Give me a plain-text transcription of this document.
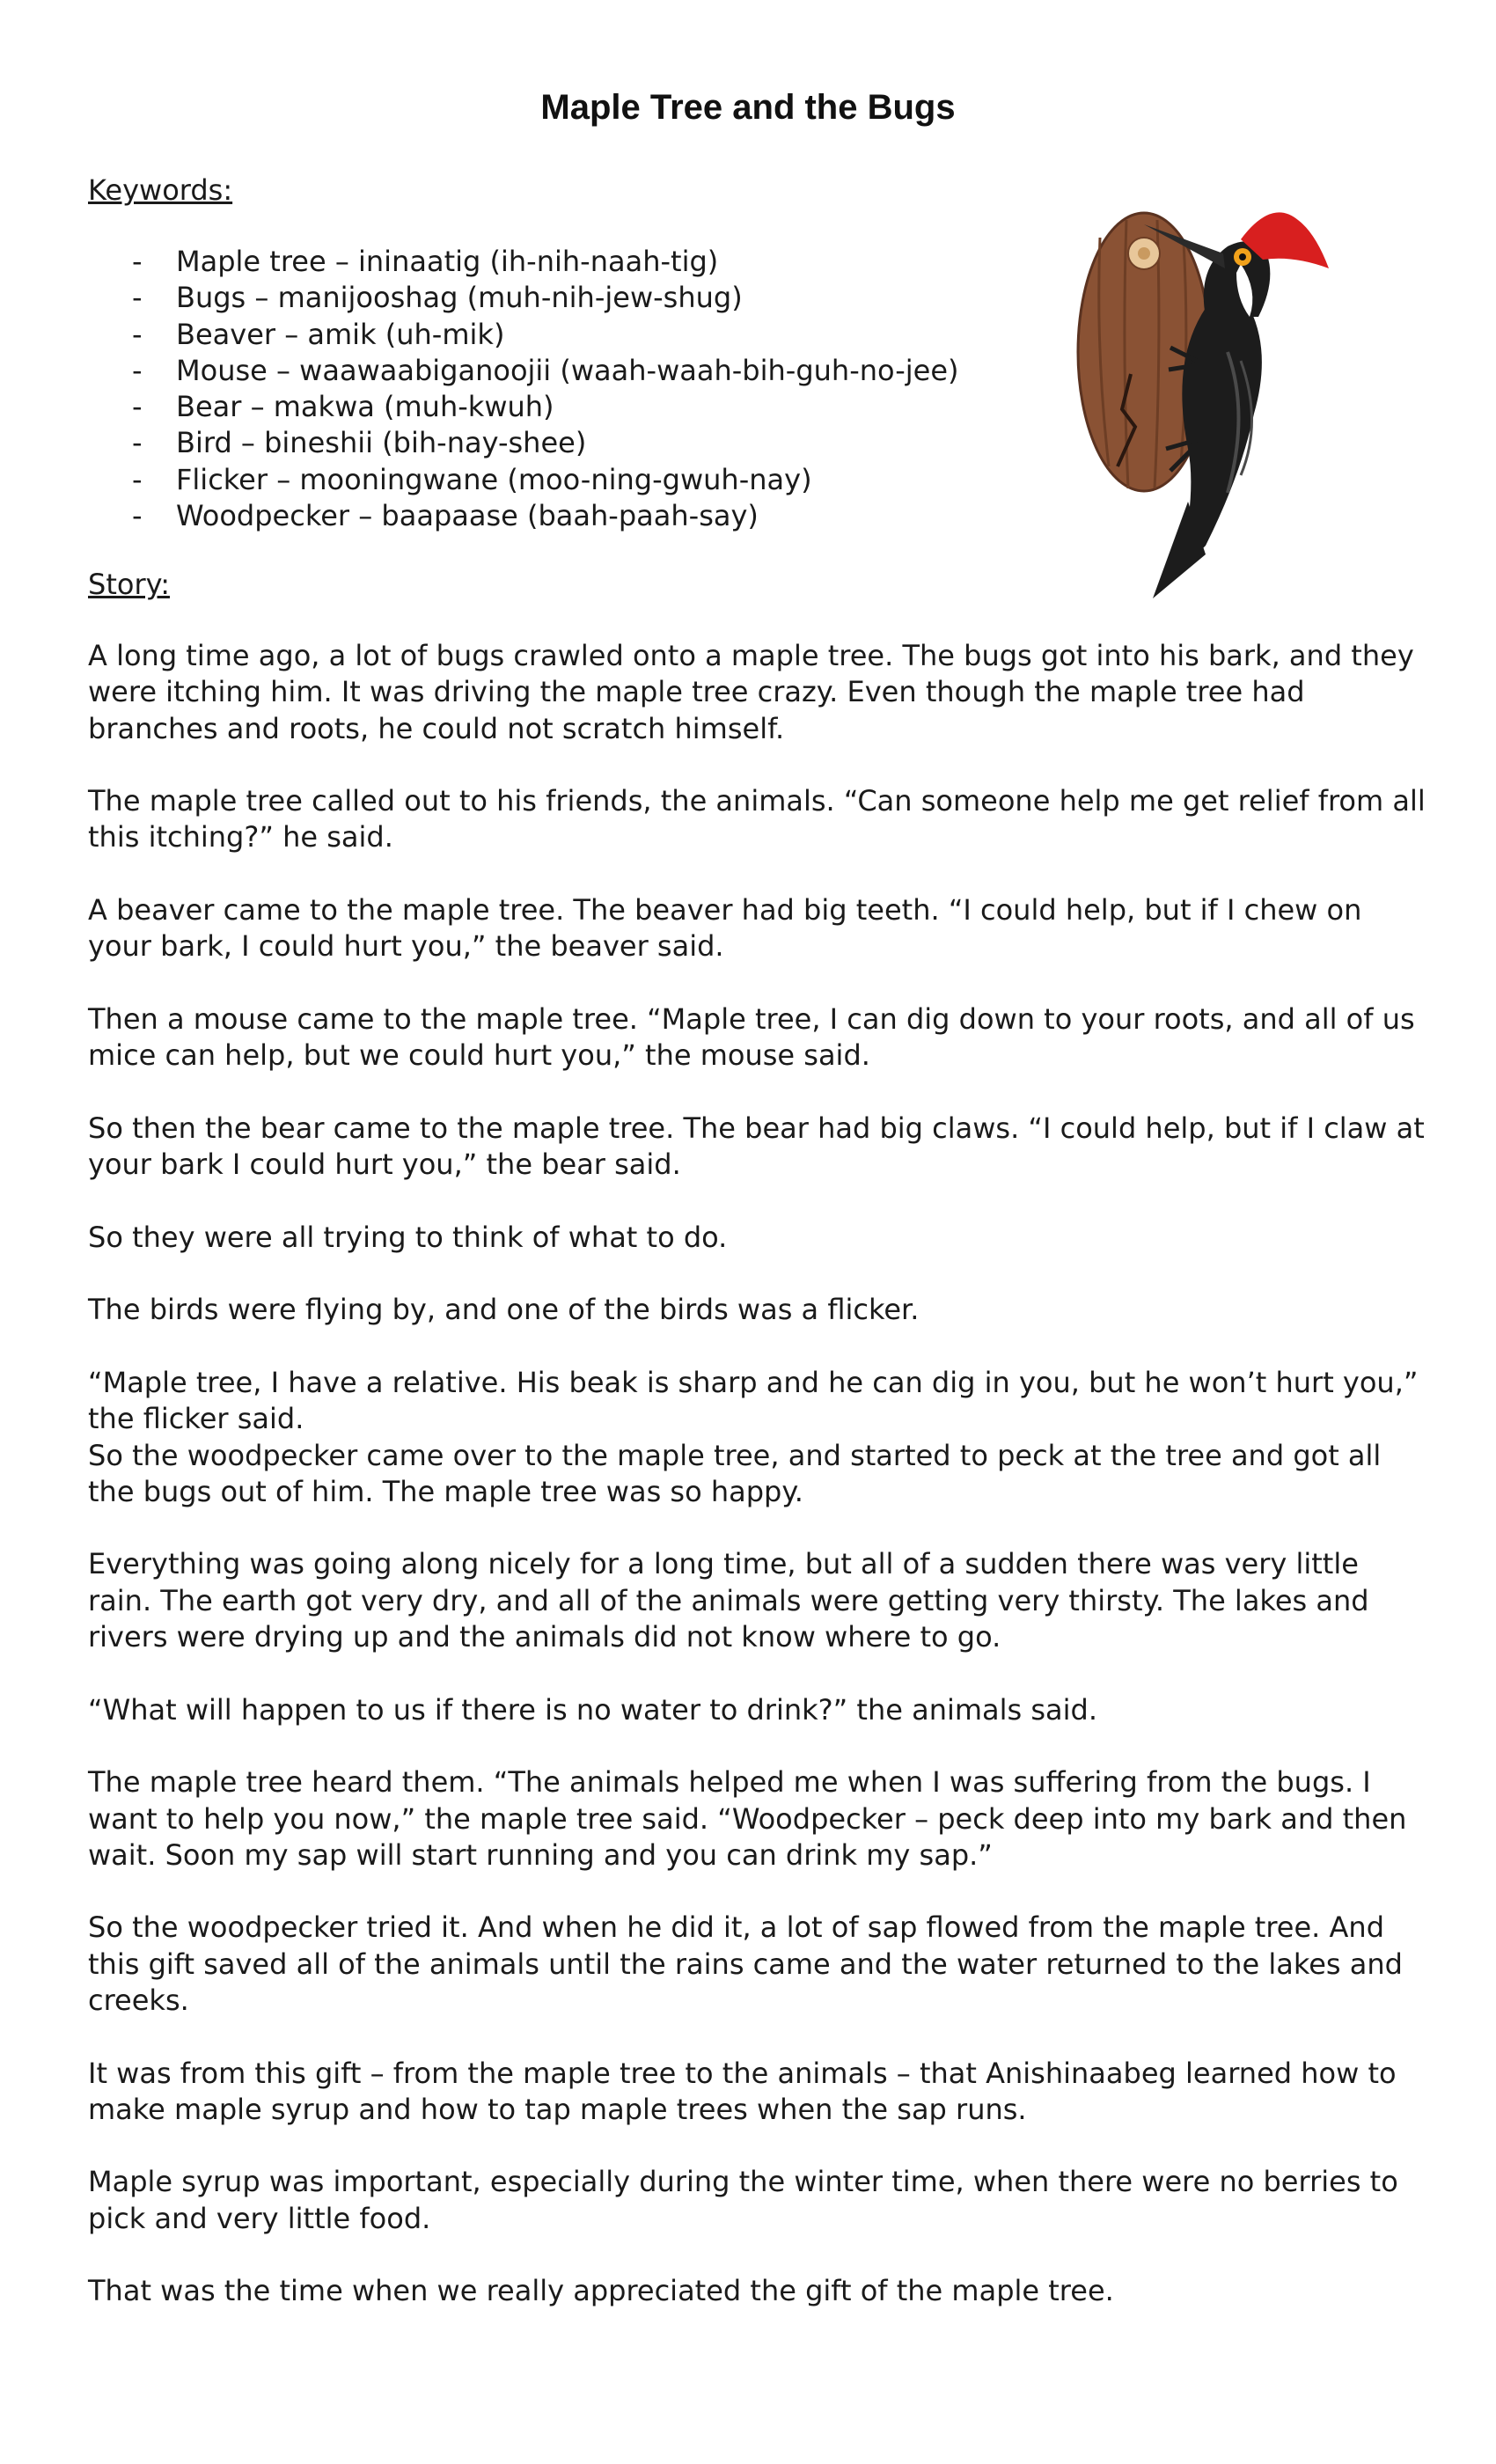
Maple Tree and the Bugs
Keywords:
- Maple tree – ininaatig (ih-nih-naah-tig)
- Bugs – manijooshag (muh-nih-jew-shug)
- Beaver – amik (uh-mik)
- Mouse – waawaabiganoojii (waah-waah-bih-guh-no-jee)
- Bear – makwa (muh-kwuh)
- Bird – bineshii (bih-nay-shee)
- Flicker – mooningwane (moo-ning-gwuh-nay)
- Woodpecker – baapaase (baah-paah-say)
Story:

A long time ago, a lot of bugs crawled onto a maple tree. The bugs got into his bark, and they were itching him. It was driving the maple tree crazy. Even though the maple tree had branches and roots, he could not scratch himself.

The maple tree called out to his friends, the animals. “Can someone help me get relief from all this itching?” he said.

A beaver came to the maple tree. The beaver had big teeth. “I could help, but if I chew on your bark, I could hurt you,” the beaver said.

Then a mouse came to the maple tree. “Maple tree, I can dig down to your roots, and all of us mice can help, but we could hurt you,” the mouse said.

So then the bear came to the maple tree. The bear had big claws. “I could help, but if I claw at your bark I could hurt you,” the bear said.

So they were all trying to think of what to do.

The birds were flying by, and one of the birds was a flicker.

“Maple tree, I have a relative. His beak is sharp and he can dig in you, but he won’t hurt you,” the flicker said.

So the woodpecker came over to the maple tree, and started to peck at the tree and got all the bugs out of him. The maple tree was so happy.

Everything was going along nicely for a long time, but all of a sudden there was very little rain. The earth got very dry, and all of the animals were getting very thirsty. The lakes and rivers were drying up and the animals did not know where to go.

“What will happen to us if there is no water to drink?” the animals said.

The maple tree heard them. “The animals helped me when I was suffering from the bugs. I want to help you now,” the maple tree said. “Woodpecker – peck deep into my bark and then wait. Soon my sap will start running and you can drink my sap.”

So the woodpecker tried it. And when he did it, a lot of sap flowed from the maple tree. And this gift saved all of the animals until the rains came and the water returned to the lakes and creeks.

It was from this gift – from the maple tree to the animals – that Anishinaabeg learned how to make maple syrup and how to tap maple trees when the sap runs.

Maple syrup was important, especially during the winter time, when there were no berries to pick and very little food.

That was the time when we really appreciated the gift of the maple tree.
